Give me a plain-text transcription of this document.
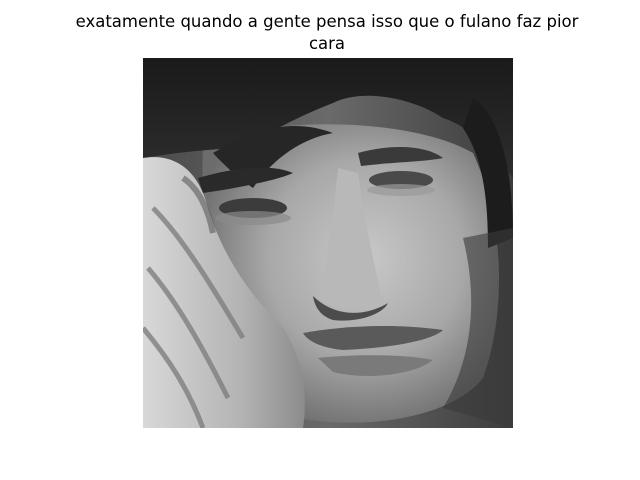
exatamente quando a gente pensa isso que o fulano faz pior
cara
